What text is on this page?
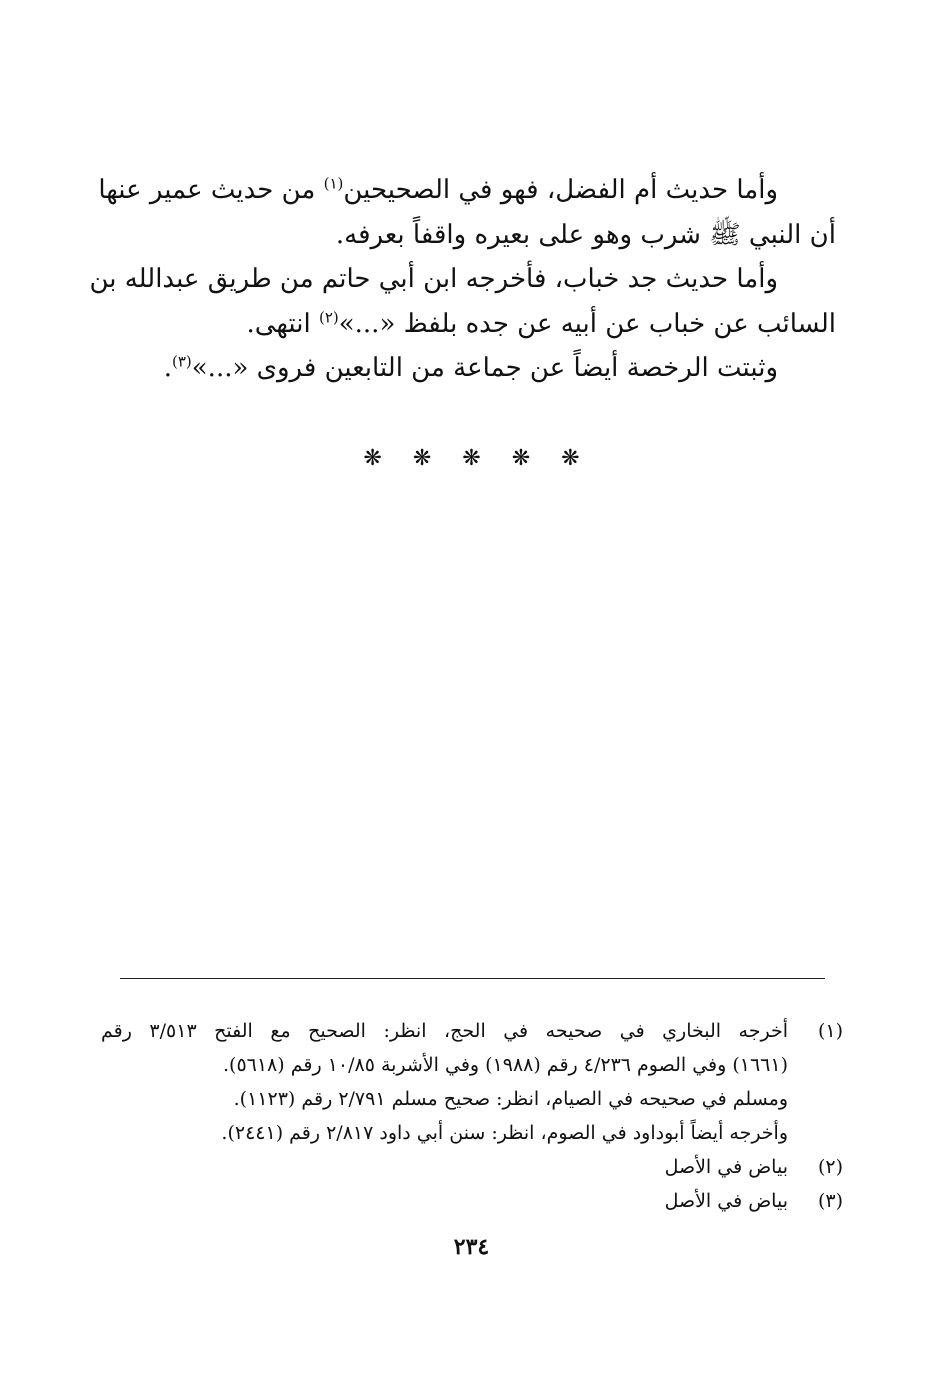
وأما حديث أم الفضل، فهو في الصحيحين$^{(١)}$ من حديث عمير عنها
أن النبي ﷺ شرب وهو على بعيره واقفاً بعرفه.
وأما حديث جد خباب، فأخرجه ابن أبي حاتم من طريق عبدالله بن
السائب عن خباب عن أبيه عن جده بلفظ «...»$^{(٢)}$ انتهى.
وثبتت الرخصة أيضاً عن جماعة من التابعين فروى «...»$^{(٣)}$.
❋ ❋ ❋ ❋ ❋
(١)
أخرجه البخاري في صحيحه في الحج، انظر: الصحيح مع الفتح ٣/٥١٣ رقم
(١٦٦١) وفي الصوم ٤/٢٣٦ رقم (١٩٨٨) وفي الأشربة ١٠/٨٥ رقم (٥٦١٨).
ومسلم في صحيحه في الصيام، انظر: صحيح مسلم ٢/٧٩١ رقم (١١٢٣).
وأخرجه أيضاً أبوداود في الصوم، انظر: سنن أبي داود ٢/٨١٧ رقم (٢٤٤١).
(٢)
بياض في الأصل
(٣)
بياض في الأصل
٢٣٤
